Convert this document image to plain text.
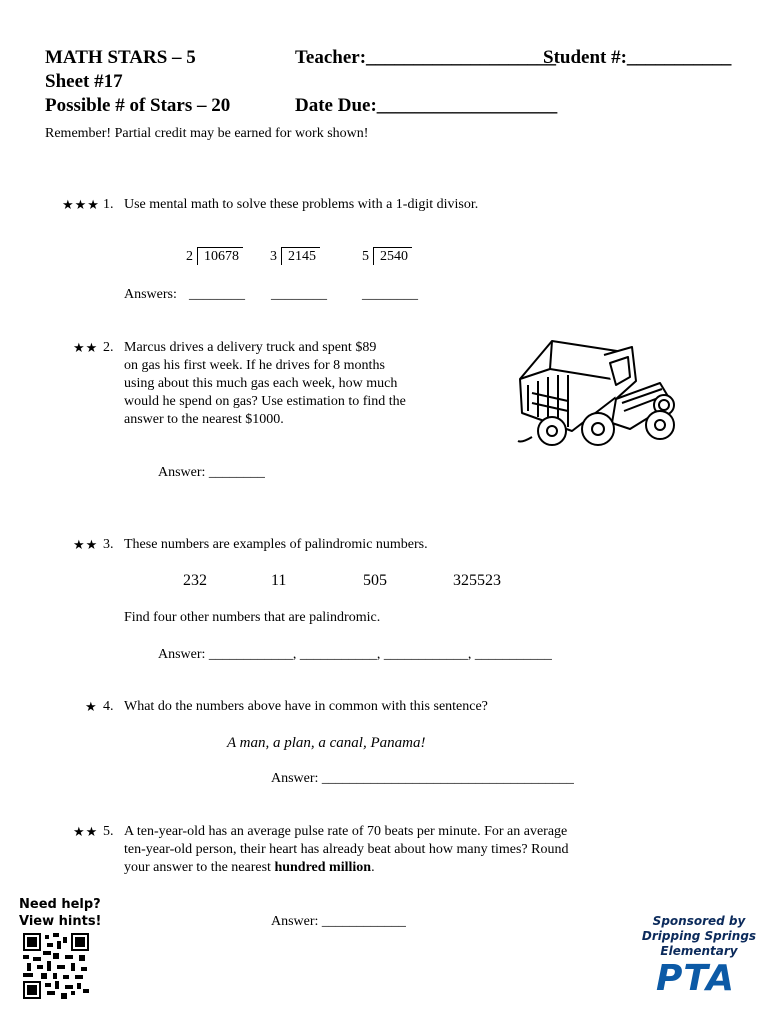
MATH STARS – 5
Sheet #17
Possible # of Stars – 20
Teacher:____________________
Student #:___________
Date Due:___________________
Remember! Partial credit may be earned for work shown!
★★★ 1. Use mental math to solve these problems with a 1-digit divisor.
2 10678 3 2145	5 2540
Answers: ________ ________	________
★★ 2. Marcus drives a delivery truck and spent $89
on gas his first week. If he drives for 8 months
using about this much gas each week, how much
would he spend on gas? Use estimation to find the
answer to the nearest $1000.
Answer: ________
★★ 3. These numbers are examples of palindromic numbers.
232	11	505	325523
Find four other numbers that are palindromic.
Answer: ____________, ___________, ____________, ___________
★ 4. What do the numbers above have in common with this sentence?
A man, a plan, a canal, Panama!
Answer: ____________________________________
★★ 5. A ten-year-old has an average pulse rate of 70 beats per minute. For an average
ten-year-old person, their heart has already beat about how many times? Round
your answer to the nearest hundred million.
Answer: ____________
Need help?
View hints!	Sponsored by
Dripping Springs
Elementary
PTA
